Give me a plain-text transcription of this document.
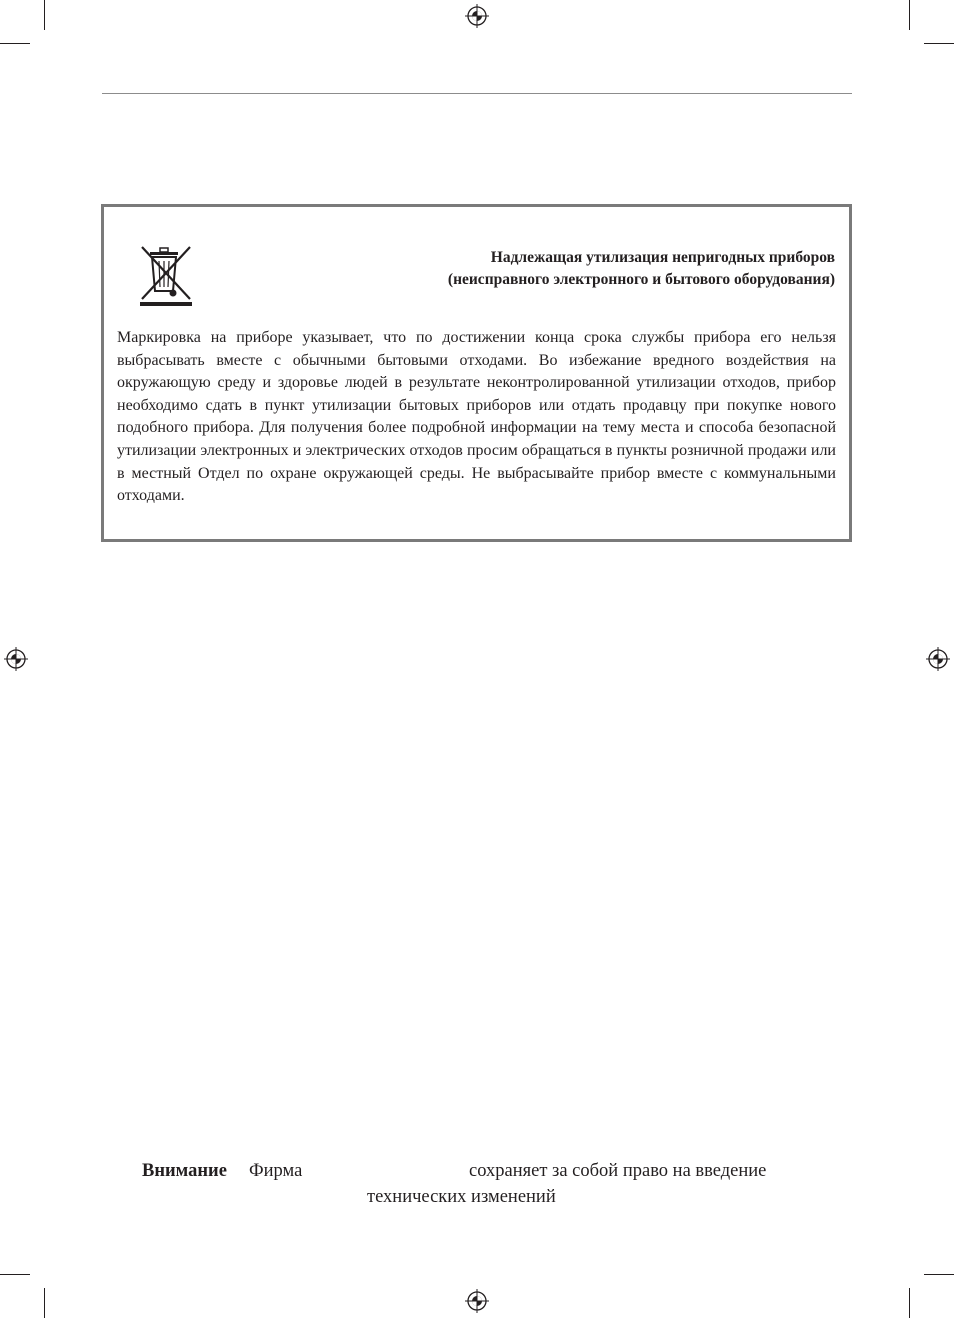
Надлежащая утилизация непригодных приборов
(неисправного электронного и бытового оборудования)

Маркировка на приборе указывает, что по достижении конца срока службы прибора его нельзя выбрасывать вместе с обычными бытовыми отходами. Во избежание вредного воздействия на окружающую среду и здоровье людей в результате неконтролированной утилизации отходов, прибор необходимо сдать в пункт утилизации бытовых приборов или отдать продавцу при покупке нового подобного прибора. Для получения более подробной информации на тему места и способа безопасной утилизации электронных и электрических отходов просим обращаться в пункты розничной продажи или в местный Отдел по охране окружающей среды. Не выбрасывайте прибор вместе с коммунальными отходами.

Внимание Фирма	сохраняет за собой право на введение
технических изменений
